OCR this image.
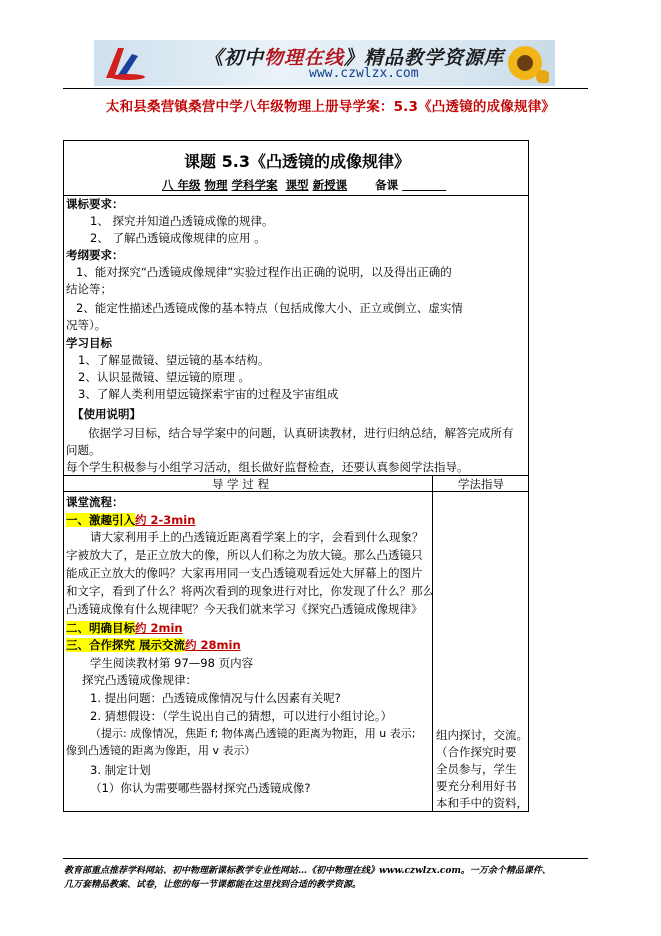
《初中物理在线》精品教学资源库
www.czwlzx.com
太和县桑营镇桑营中学八年级物理上册导学案：5.3《凸透镜的成像规律》
课题 5.3《凸透镜的成像规律》
八 年级 物理 学科学案 课型 新授课 备课
课标要求：
1、 探究并知道凸透镜成像的规律。
2、 了解凸透镜成像规律的应用 。
考纲要求：
1、能对探究“凸透镜成像规律”实验过程作出正确的说明，以及得出正确的
结论等；
2、能定性描述凸透镜成像的基本特点（包括成像大小、正立或倒立、虚实情
况等）。
学习目标
1、了解显微镜、望远镜的基本结构。
2、认识显微镜、望远镜的原理 。
3、了解人类利用望远镜探索宇宙的过程及宇宙组成
【使用说明】
依据学习目标，结合导学案中的问题，认真研读教材，进行归纳总结，解答完成所有
问题。
每个学生积极参与小组学习活动，组长做好监督检查，还要认真参阅学法指导。
导 学 过 程	学法指导
课堂流程：
一、激趣引入约 2-3min
请大家利用手上的凸透镜近距离看学案上的字，会看到什么现象？
字被放大了，是正立放大的像，所以人们称之为放大镜。那么凸透镜只
能成正立放大的像吗？大家再用同一支凸透镜观看远处大屏幕上的图片
和文字，看到了什么？将两次看到的现象进行对比，你发现了什么？那么
凸透镜成像有什么规律呢？今天我们就来学习《探究凸透镜成像规律》
二、明确目标约 2min
三、合作探究 展示交流约 28min
学生阅读教材第 97—98 页内容
探究凸透镜成像规律：
1. 提出问题：凸透镜成像情况与什么因素有关呢?
2. 猜想假设：（学生说出自己的猜想，可以进行小组讨论。）
（提示: 成像情况，焦距 f; 物体离凸透镜的距离为物距，用 u 表示;
像到凸透镜的距离为像距，用 v 表示）
3. 制定计划
（1）你认为需要哪些器材探究凸透镜成像?
组内探讨，交流。
（合作探究时要
全员参与，学生
要充分利用好书
本和手中的资料，
教育部重点推荐学科网站、初中物理新课标教学专业性网站…《初中物理在线》www.czwlzx.com。一万余个精品课件、
几万套精品教案、试卷，让您的每一节课都能在这里找到合适的教学资源。
